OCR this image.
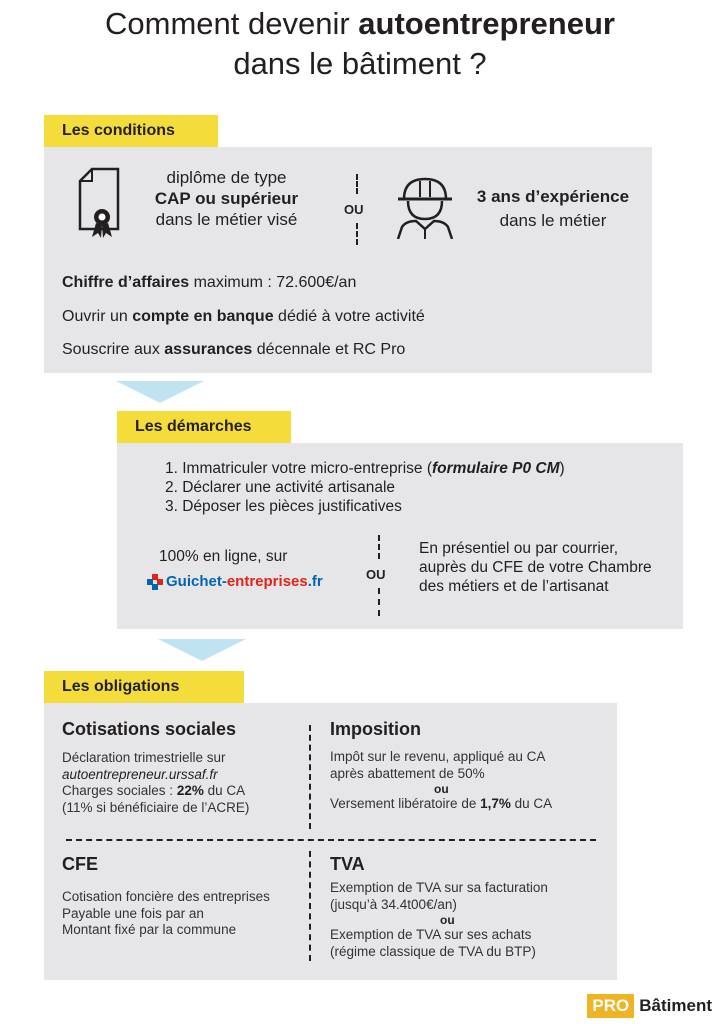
Comment devenir autoentrepreneur
dans le bâtiment ?
Les conditions
diplôme de type
CAP ou supérieur
dans le métier visé
OU
3 ans d’expérience
dans le métier
Chiffre d’affaires maximum : 72.600€/an
Ouvrir un compte en banque dédié à votre activité
Souscrire aux assurances décennale et RC Pro
Les démarches
1. Immatriculer votre micro-entreprise (formulaire P0 CM)
2. Déclarer une activité artisanale
3. Déposer les pièces justificatives
100% en ligne, sur
Guichet- entreprises .fr	OU
En présentiel ou par courrier, auprès du CFE de votre Chambre des métiers et de l’artisanat
Les obligations
Cotisations sociales
Déclaration trimestrielle sur
autoentrepreneur.urssaf.fr
Charges sociales : 22% du CA
(11% si bénéficiaire de l’ACRE)
Imposition
Impôt sur le revenu, appliqué au CA
après abattement de 50%
ou
Versement libératoire de 1,7% du CA
CFE
Cotisation foncière des entreprises
Payable une fois par an
Montant fixé par la commune
TVA
Exemption de TVA sur sa facturation
(jusqu’à 34.4t00€/an)
ou
Exemption de TVA sur ses achats
(régime classique de TVA du BTP)
PRO Bâtiment
